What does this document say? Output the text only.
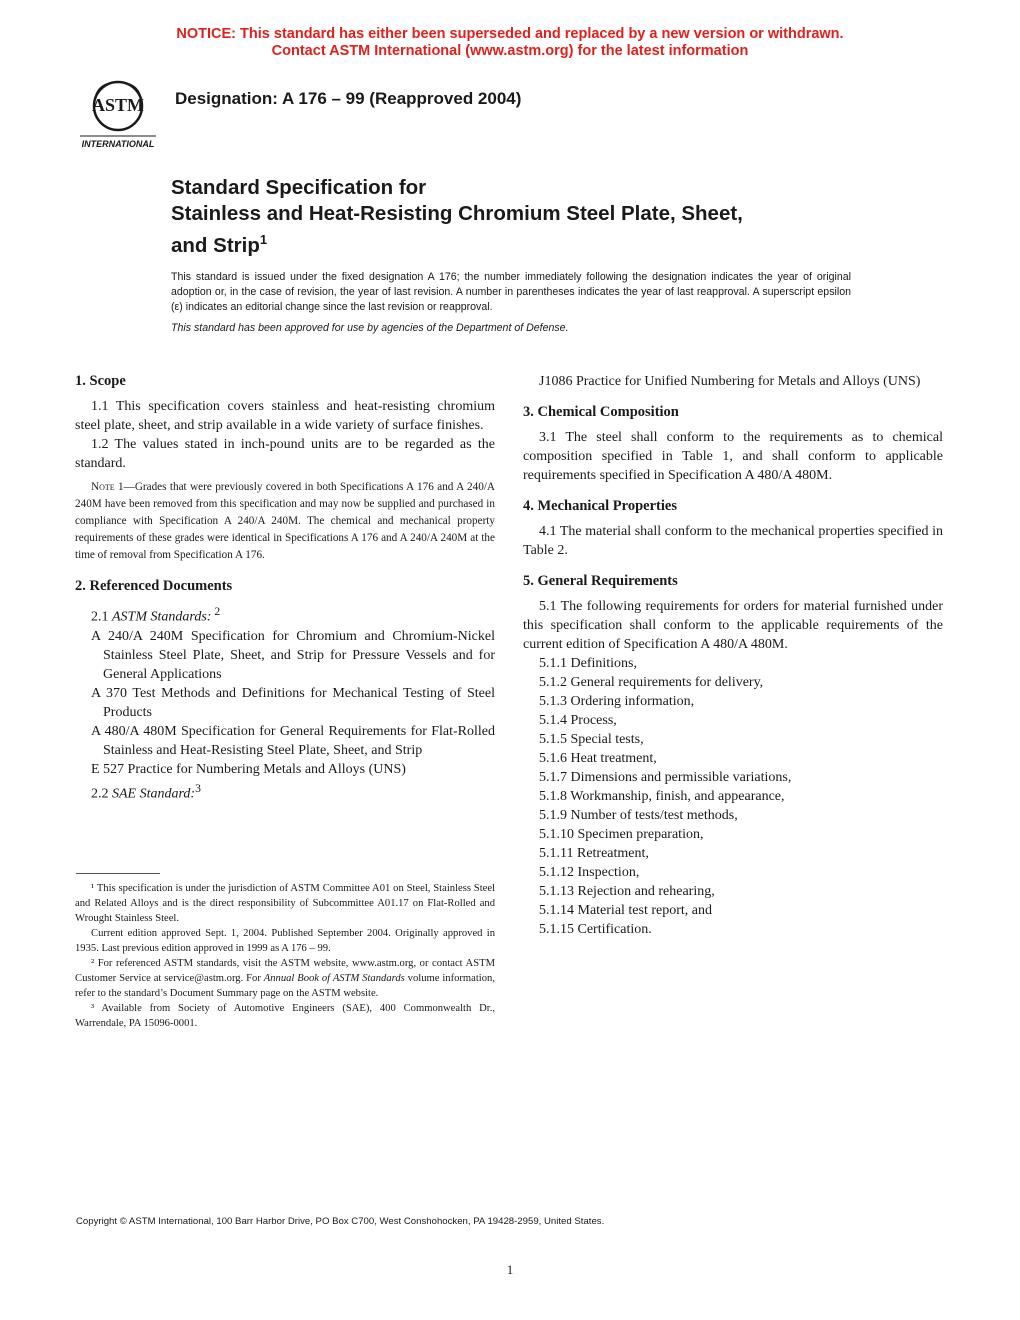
NOTICE: This standard has either been superseded and replaced by a new version or withdrawn.
Contact ASTM International (www.astm.org) for the latest information
ASTM
INTERNATIONAL
Designation: A 176 – 99 (Reapproved 2004)
Standard Specification for
Stainless and Heat-Resisting Chromium Steel Plate, Sheet,
and Strip$^1$

This standard is issued under the fixed designation A 176; the number immediately following the designation indicates the year of original adoption or, in the case of revision, the year of last revision. A number in parentheses indicates the year of last reapproval. A superscript epsilon (ε) indicates an editorial change since the last revision or reapproval.

This standard has been approved for use by agencies of the Department of Defense.

1. Scope

1.1 This specification covers stainless and heat-resisting chromium steel plate, sheet, and strip available in a wide variety of surface finishes.

1.2 The values stated in inch-pound units are to be regarded as the standard.

Note 1—Grades that were previously covered in both Specifications A 176 and A 240/A 240M have been removed from this specification and may now be supplied and purchased in compliance with Specification A 240/A 240M. The chemical and mechanical property requirements of these grades were identical in Specifications A 176 and A 240/A 240M at the time of removal from Specification A 176.

2. Referenced Documents

2.1 ASTM Standards: $^2$

A 240/A 240M Specification for Chromium and Chromium-Nickel Stainless Steel Plate, Sheet, and Strip for Pressure Vessels and for General Applications

A 370 Test Methods and Definitions for Mechanical Testing of Steel Products

A 480/A 480M Specification for General Requirements for Flat-Rolled Stainless and Heat-Resisting Steel Plate, Sheet, and Strip

E 527 Practice for Numbering Metals and Alloys (UNS)

2.2 SAE Standard:$^3$

¹ This specification is under the jurisdiction of ASTM Committee A01 on Steel, Stainless Steel and Related Alloys and is the direct responsibility of Subcommittee A01.17 on Flat-Rolled and Wrought Stainless Steel.

Current edition approved Sept. 1, 2004. Published September 2004. Originally approved in 1935. Last previous edition approved in 1999 as A 176 – 99.

² For referenced ASTM standards, visit the ASTM website, www.astm.org, or contact ASTM Customer Service at service@astm.org. For Annual Book of ASTM Standards volume information, refer to the standard’s Document Summary page on the ASTM website.

³ Available from Society of Automotive Engineers (SAE), 400 Commonwealth Dr., Warrendale, PA 15096-0001.

J1086 Practice for Unified Numbering for Metals and Alloys (UNS)

3. Chemical Composition

3.1 The steel shall conform to the requirements as to chemical composition specified in Table 1, and shall conform to applicable requirements specified in Specification A 480/A 480M.

4. Mechanical Properties

4.1 The material shall conform to the mechanical properties specified in Table 2.

5. General Requirements

5.1 The following requirements for orders for material furnished under this specification shall conform to the applicable requirements of the current edition of Specification A 480/A 480M.

5.1.1 Definitions,

5.1.2 General requirements for delivery,

5.1.3 Ordering information,

5.1.4 Process,

5.1.5 Special tests,

5.1.6 Heat treatment,

5.1.7 Dimensions and permissible variations,

5.1.8 Workmanship, finish, and appearance,

5.1.9 Number of tests/test methods,

5.1.10 Specimen preparation,

5.1.11 Retreatment,

5.1.12 Inspection,

5.1.13 Rejection and rehearing,

5.1.14 Material test report, and

5.1.15 Certification.

Copyright © ASTM International, 100 Barr Harbor Drive, PO Box C700, West Conshohocken, PA 19428-2959, United States.
1
